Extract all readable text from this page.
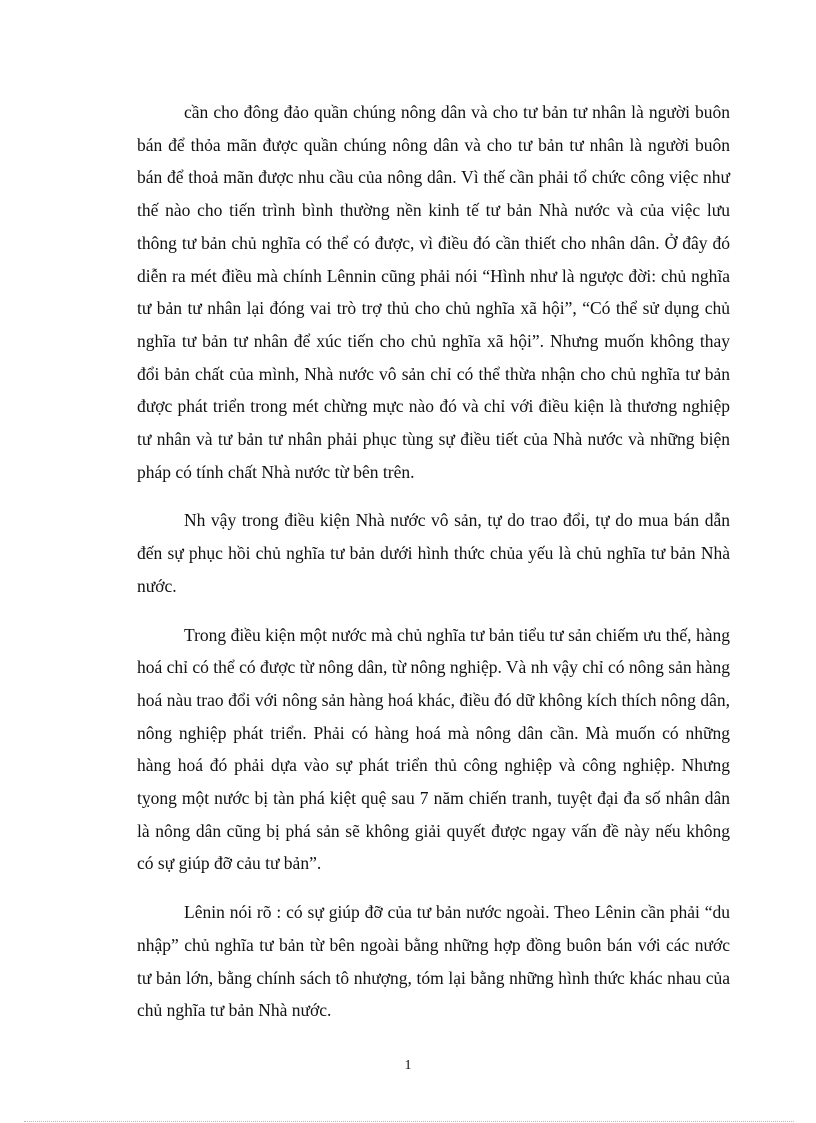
cần cho đông đảo quần chúng nông dân và cho tư bản tư nhân là người buôn bán để thỏa mãn được quần chúng nông dân và cho tư bản tư nhân là người buôn bán để thoả mãn được nhu cầu của nông dân. Vì thế cần phải tổ chức công việc như thế nào cho tiến trình bình thường nền kinh tế tư bản Nhà nước và của việc lưu thông tư bản chủ nghĩa có thể có được, vì điều đó cần thiết cho nhân dân. Ở đây đó diễn ra mét điều mà chính Lênnin cũng phải nói “Hình như là ngược đời: chủ nghĩa tư bản tư nhân lại đóng vai trò trợ thủ cho chủ nghĩa xã hội”, “Có thể sử dụng chủ nghĩa tư bản tư nhân để xúc tiến cho chủ nghĩa xã hội”. Nhưng muốn không thay đổi bản chất của mình, Nhà nước vô sản chỉ có thể thừa nhận cho chủ nghĩa tư bản được phát triển trong mét chừng mực nào đó và chỉ với điều kiện là thương nghiệp tư nhân và tư bản tư nhân phải phục tùng sự điều tiết của Nhà nước và những biện pháp có tính chất Nhà nước từ bên trên.

Nh vậy trong điều kiện Nhà nước vô sản, tự do trao đổi, tự do mua bán dẫn đến sự phục hồi chủ nghĩa tư bản dưới hình thức chủa yếu là chủ nghĩa tư bản Nhà nước.

Trong điều kiện một nước mà chủ nghĩa tư bản tiểu tư sản chiếm ưu thế, hàng hoá chỉ có thể có được từ nông dân, từ nông nghiệp. Và nh vậy chỉ có nông sản hàng hoá nàu trao đổi với nông sản hàng hoá khác, điều đó dữ không kích thích nông dân, nông nghiệp phát triển. Phải có hàng hoá mà nông dân cần. Mà muốn có những hàng hoá đó phải dựa vào sự phát triển thủ công nghiệp và công nghiệp. Nhưng tỵong một nước bị tàn phá kiệt quệ sau 7 năm chiến tranh, tuyệt đại đa số nhân dân là nông dân cũng bị phá sản sẽ không giải quyết được ngay vấn đề này nếu không có sự giúp đỡ cảu tư bản”.

Lênin nói rõ : có sự giúp đỡ của tư bản nước ngoài. Theo Lênin cần phải “du nhập” chủ nghĩa tư bản từ bên ngoài bằng những hợp đồng buôn bán với các nước tư bản lớn, bằng chính sách tô nhượng, tóm lại bằng những hình thức khác nhau của chủ nghĩa tư bản Nhà nước.

1
